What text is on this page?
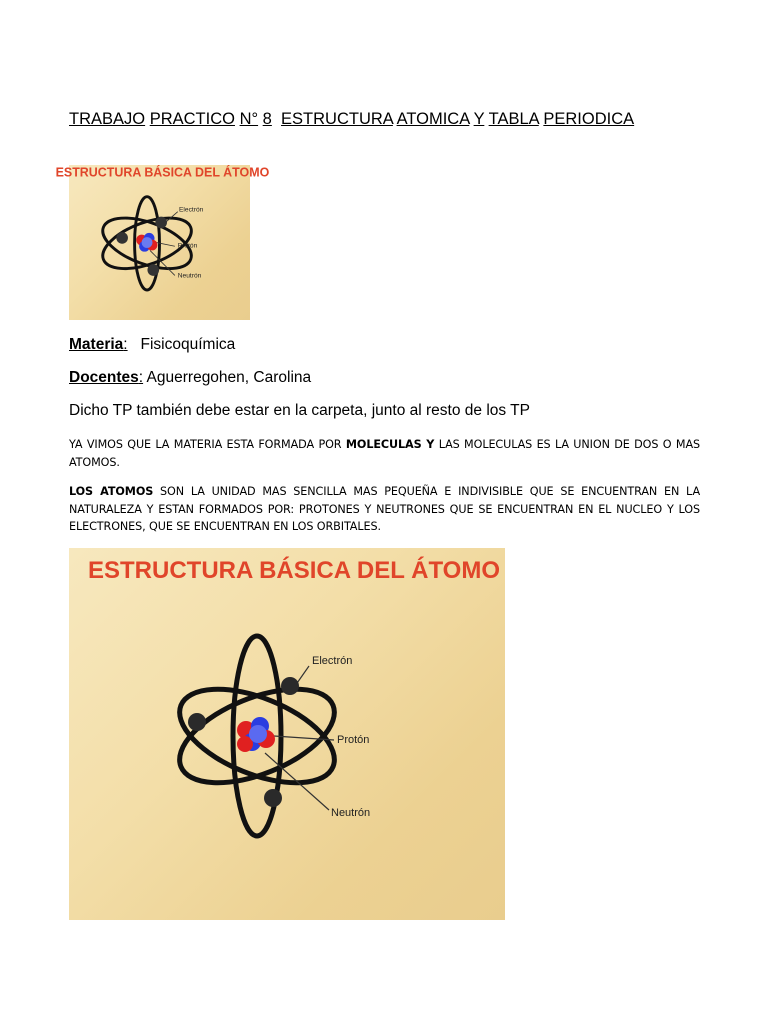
TRABAJO PRACTICO N° 8 ESTRUCTURA ATOMICA Y TABLA PERIODICA
ESTRUCTURA BÁSICA DEL ÁTOMO
Electrón
Protón
Neutrón
Materia: Fisicoquímica
Docentes: Aguerregohen, Carolina
Dicho TP también debe estar en la carpeta, junto al resto de los TP
YA VIMOS QUE LA MATERIA ESTA FORMADA POR MOLECULAS Y LAS MOLECULAS ES LA UNION DE DOS O MAS ATOMOS.
LOS ATOMOS SON LA UNIDAD MAS SENCILLA MAS PEQUEÑA E INDIVISIBLE QUE SE ENCUENTRAN EN LA NATURALEZA Y ESTAN FORMADOS POR: PROTONES Y NEUTRONES QUE SE ENCUENTRAN EN EL NUCLEO Y LOS ELECTRONES, QUE SE ENCUENTRAN EN LOS ORBITALES.
ESTRUCTURA BÁSICA DEL ÁTOMO
Electrón
Protón
Neutrón
